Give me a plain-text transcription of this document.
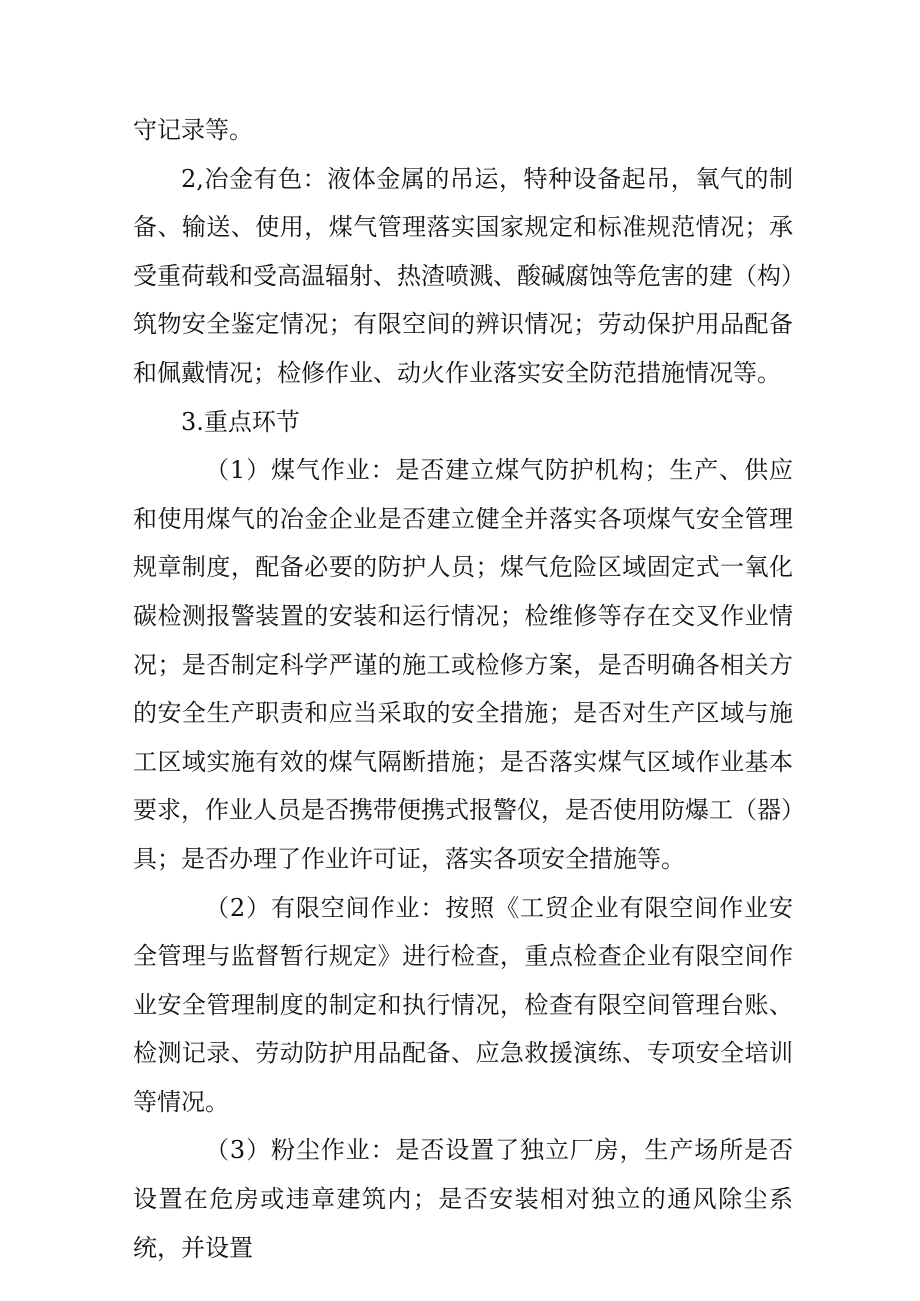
守记录等。

2,冶金有色：液体金属的吊运，特种设备起吊，氧气的制备、输送、使用，煤气管理落实国家规定和标准规范情况；承受重荷载和受高温辐射、热渣喷溅、酸碱腐蚀等危害的建（构）筑物安全鉴定情况；有限空间的辨识情况；劳动保护用品配备和佩戴情况；检修作业、动火作业落实安全防范措施情况等。

3.重点环节

（1）煤气作业：是否建立煤气防护机构；生产、供应和使用煤气的冶金企业是否建立健全并落实各项煤气安全管理规章制度，配备必要的防护人员；煤气危险区域固定式一氧化碳检测报警装置的安装和运行情况；检维修等存在交叉作业情况；是否制定科学严谨的施工或检修方案，是否明确各相关方的安全生产职责和应当采取的安全措施；是否对生产区域与施工区域实施有效的煤气隔断措施；是否落实煤气区域作业基本要求，作业人员是否携带便携式报警仪，是否使用防爆工（器）具；是否办理了作业许可证，落实各项安全措施等。

（2）有限空间作业：按照《工贸企业有限空间作业安全管理与监督暂行规定》进行检查，重点检查企业有限空间作业安全管理制度的制定和执行情况，检查有限空间管理台账、检测记录、劳动防护用品配备、应急救援演练、专项安全培训等情况。

（3）粉尘作业：是否设置了独立厂房，生产场所是否设置在危房或违章建筑内；是否安装相对独立的通风除尘系统，并设置
